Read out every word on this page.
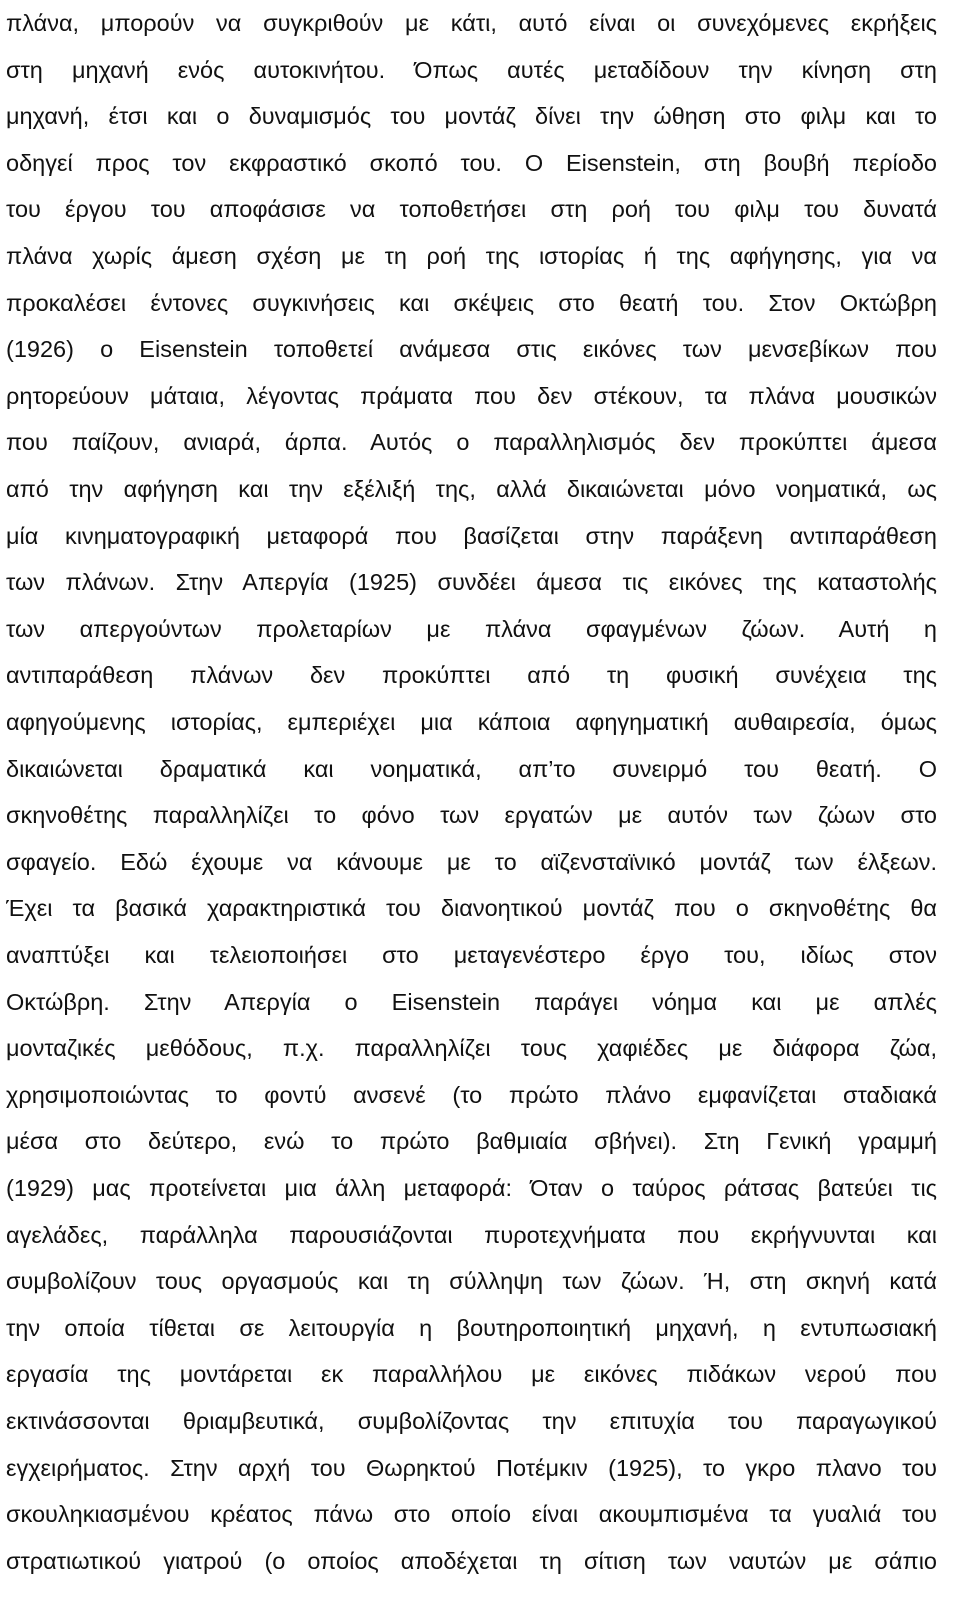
πλάνα, μπορούν να συγκριθούν με κάτι, αυτό είναι οι συνεχόμενες εκρήξεις
στη μηχανή ενός αυτοκινήτου. Όπως αυτές μεταδίδουν την κίνηση στη
μηχανή, έτσι και ο δυναμισμός του μοντάζ δίνει την ώθηση στο φιλμ και το
οδηγεί προς τον εκφραστικό σκοπό του. Ο Eisenstein, στη βουβή περίοδο
του έργου του αποφάσισε να τοποθετήσει στη ροή του φιλμ του δυνατά
πλάνα χωρίς άμεση σχέση με τη ροή της ιστορίας ή της αφήγησης, για να
προκαλέσει έντονες συγκινήσεις και σκέψεις στο θεατή του. Στον Οκτώβρη
(1926) ο Eisenstein τοποθετεί ανάμεσα στις εικόνες των μενσεβίκων που
ρητορεύουν μάταια, λέγοντας πράματα που δεν στέκουν, τα πλάνα μουσικών
που παίζουν, ανιαρά, άρπα. Αυτός ο παραλληλισμός δεν προκύπτει άμεσα
από την αφήγηση και την εξέλιξή της, αλλά δικαιώνεται μόνο νοηματικά, ως
μία κινηματογραφική μεταφορά που βασίζεται στην παράξενη αντιπαράθεση
των πλάνων. Στην Απεργία (1925) συνδέει άμεσα τις εικόνες της καταστολής
των απεργούντων προλεταρίων με πλάνα σφαγμένων ζώων. Αυτή η
αντιπαράθεση πλάνων δεν προκύπτει από τη φυσική συνέχεια της
αφηγούμενης ιστορίας, εμπεριέχει μια κάποια αφηγηματική αυθαιρεσία, όμως
δικαιώνεται δραματικά και νοηματικά, απ’το συνειρμό του θεατή. Ο
σκηνοθέτης παραλληλίζει το φόνο των εργατών με αυτόν των ζώων στο
σφαγείο. Εδώ έχουμε να κάνουμε με το αϊζενσταϊνικό μοντάζ των έλξεων.
Έχει τα βασικά χαρακτηριστικά του διανοητικού μοντάζ που ο σκηνοθέτης θα
αναπτύξει και τελειοποιήσει στο μεταγενέστερο έργο του, ιδίως στον
Οκτώβρη. Στην Απεργία ο Eisenstein παράγει νόημα και με απλές
μονταζικές μεθόδους, π.χ. παραλληλίζει τους χαφιέδες με διάφορα ζώα,
χρησιμοποιώντας το φοντύ ανσενέ (το πρώτο πλάνο εμφανίζεται σταδιακά
μέσα στο δεύτερο, ενώ το πρώτο βαθμιαία σβήνει). Στη Γενική γραμμή
(1929) μας προτείνεται μια άλλη μεταφορά: Όταν ο ταύρος ράτσας βατεύει τις
αγελάδες, παράλληλα παρουσιάζονται πυροτεχνήματα που εκρήγνυνται και
συμβολίζουν τους οργασμούς και τη σύλληψη των ζώων. Ή, στη σκηνή κατά
την οποία τίθεται σε λειτουργία η βουτηροποιητική μηχανή, η εντυπωσιακή
εργασία της μοντάρεται εκ παραλλήλου με εικόνες πιδάκων νερού που
εκτινάσσονται θριαμβευτικά, συμβολίζοντας την επιτυχία του παραγωγικού
εγχειρήματος. Στην αρχή του Θωρηκτού Ποτέμκιν (1925), το γκρο πλανο του
σκουληκιασμένου κρέατος πάνω στο οποίο είναι ακουμπισμένα τα γυαλιά του
στρατιωτικού γιατρού (ο οποίος αποδέχεται τη σίτιση των ναυτών με σάπιο
